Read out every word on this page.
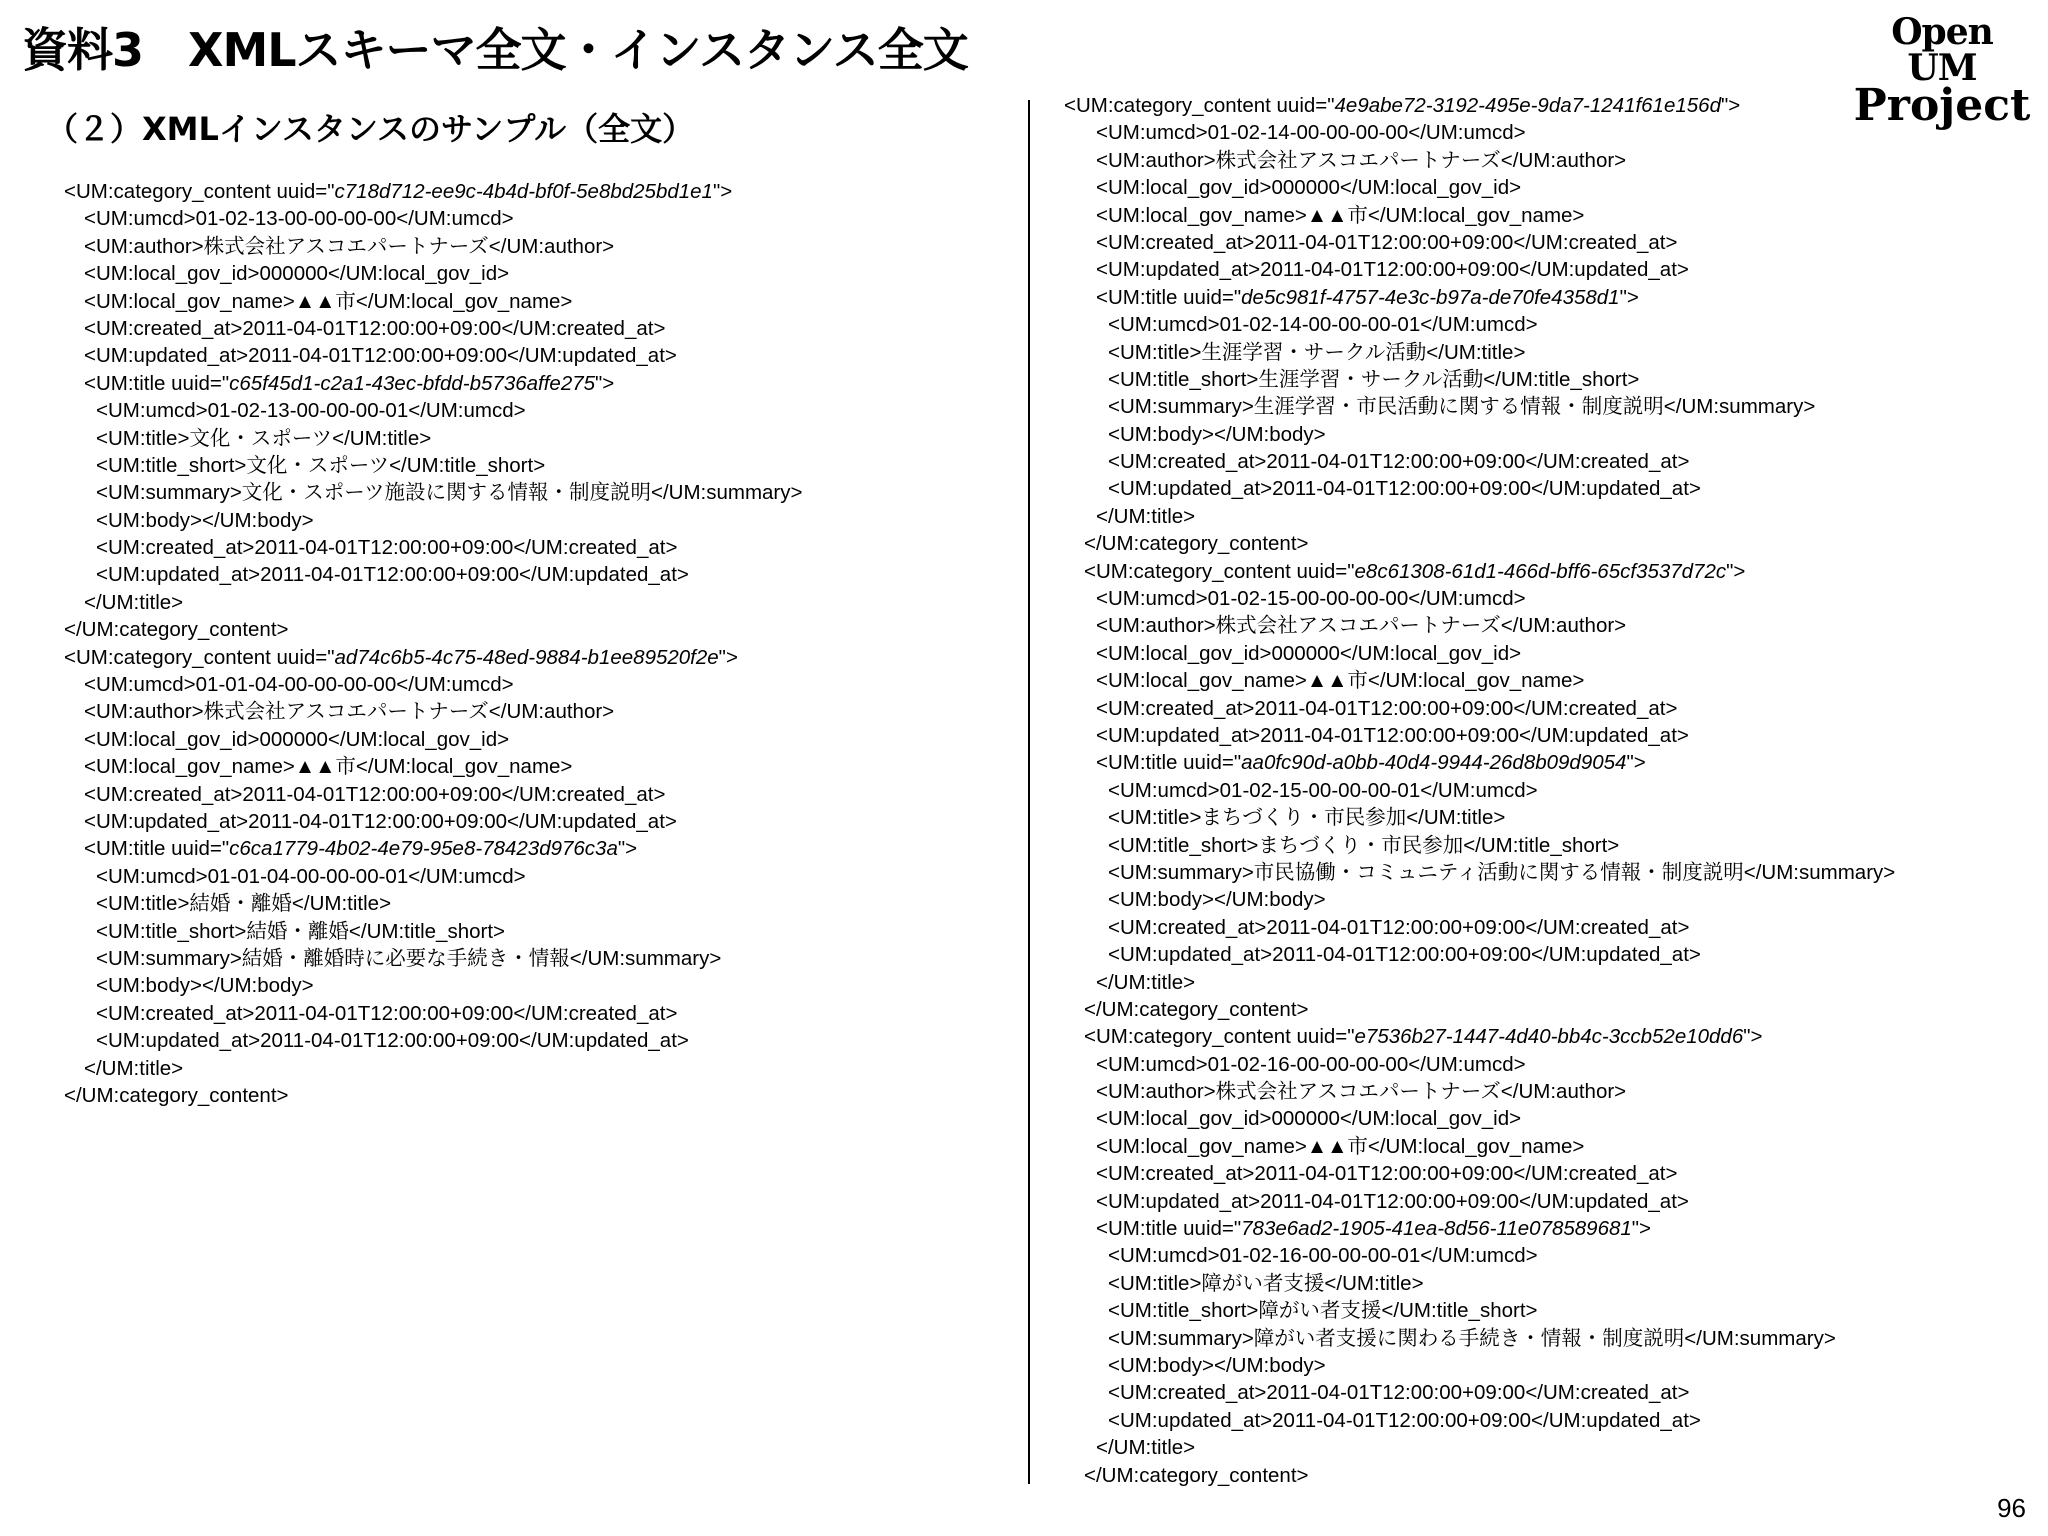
資料3　XMLスキーマ全文・インスタンス全文	Open UM
Project
（２）XMLインスタンスのサンプル（全文）
<UM:category_content uuid="c718d712-ee9c-4b4d-bf0f-5e8bd25bd1e1">
<UM:umcd>01-02-13-00-00-00-00</UM:umcd>
<UM:author>株式会社アスコエパートナーズ</UM:author>
<UM:local_gov_id>000000</UM:local_gov_id>
<UM:local_gov_name>▲▲市</UM:local_gov_name>
<UM:created_at>2011-04-01T12:00:00+09:00</UM:created_at>
<UM:updated_at>2011-04-01T12:00:00+09:00</UM:updated_at>
<UM:title uuid="c65f45d1-c2a1-43ec-bfdd-b5736affe275">
<UM:umcd>01-02-13-00-00-00-01</UM:umcd>
<UM:title>文化・スポーツ</UM:title>
<UM:title_short>文化・スポーツ</UM:title_short>
<UM:summary>文化・スポーツ施設に関する情報・制度説明</UM:summary>
<UM:body></UM:body>
<UM:created_at>2011-04-01T12:00:00+09:00</UM:created_at>
<UM:updated_at>2011-04-01T12:00:00+09:00</UM:updated_at>
</UM:title>
</UM:category_content>
<UM:category_content uuid="ad74c6b5-4c75-48ed-9884-b1ee89520f2e">
<UM:umcd>01-01-04-00-00-00-00</UM:umcd>
<UM:author>株式会社アスコエパートナーズ</UM:author>
<UM:local_gov_id>000000</UM:local_gov_id>
<UM:local_gov_name>▲▲市</UM:local_gov_name>
<UM:created_at>2011-04-01T12:00:00+09:00</UM:created_at>
<UM:updated_at>2011-04-01T12:00:00+09:00</UM:updated_at>
<UM:title uuid="c6ca1779-4b02-4e79-95e8-78423d976c3a">
<UM:umcd>01-01-04-00-00-00-01</UM:umcd>
<UM:title>結婚・離婚</UM:title>
<UM:title_short>結婚・離婚</UM:title_short>
<UM:summary>結婚・離婚時に必要な手続き・情報</UM:summary>
<UM:body></UM:body>
<UM:created_at>2011-04-01T12:00:00+09:00</UM:created_at>
<UM:updated_at>2011-04-01T12:00:00+09:00</UM:updated_at>
</UM:title>
</UM:category_content>
<UM:category_content uuid="4e9abe72-3192-495e-9da7-1241f61e156d">
<UM:umcd>01-02-14-00-00-00-00</UM:umcd>
<UM:author>株式会社アスコエパートナーズ</UM:author>
<UM:local_gov_id>000000</UM:local_gov_id>
<UM:local_gov_name>▲▲市</UM:local_gov_name>
<UM:created_at>2011-04-01T12:00:00+09:00</UM:created_at>
<UM:updated_at>2011-04-01T12:00:00+09:00</UM:updated_at>
<UM:title uuid="de5c981f-4757-4e3c-b97a-de70fe4358d1">
<UM:umcd>01-02-14-00-00-00-01</UM:umcd>
<UM:title>生涯学習・サークル活動</UM:title>
<UM:title_short>生涯学習・サークル活動</UM:title_short>
<UM:summary>生涯学習・市民活動に関する情報・制度説明</UM:summary>
<UM:body></UM:body>
<UM:created_at>2011-04-01T12:00:00+09:00</UM:created_at>
<UM:updated_at>2011-04-01T12:00:00+09:00</UM:updated_at>
</UM:title>
</UM:category_content>
<UM:category_content uuid="e8c61308-61d1-466d-bff6-65cf3537d72c">
<UM:umcd>01-02-15-00-00-00-00</UM:umcd>
<UM:author>株式会社アスコエパートナーズ</UM:author>
<UM:local_gov_id>000000</UM:local_gov_id>
<UM:local_gov_name>▲▲市</UM:local_gov_name>
<UM:created_at>2011-04-01T12:00:00+09:00</UM:created_at>
<UM:updated_at>2011-04-01T12:00:00+09:00</UM:updated_at>
<UM:title uuid="aa0fc90d-a0bb-40d4-9944-26d8b09d9054">
<UM:umcd>01-02-15-00-00-00-01</UM:umcd>
<UM:title>まちづくり・市民参加</UM:title>
<UM:title_short>まちづくり・市民参加</UM:title_short>
<UM:summary>市民協働・コミュニティ活動に関する情報・制度説明</UM:summary>
<UM:body></UM:body>
<UM:created_at>2011-04-01T12:00:00+09:00</UM:created_at>
<UM:updated_at>2011-04-01T12:00:00+09:00</UM:updated_at>
</UM:title>
</UM:category_content>
<UM:category_content uuid="e7536b27-1447-4d40-bb4c-3ccb52e10dd6">
<UM:umcd>01-02-16-00-00-00-00</UM:umcd>
<UM:author>株式会社アスコエパートナーズ</UM:author>
<UM:local_gov_id>000000</UM:local_gov_id>
<UM:local_gov_name>▲▲市</UM:local_gov_name>
<UM:created_at>2011-04-01T12:00:00+09:00</UM:created_at>
<UM:updated_at>2011-04-01T12:00:00+09:00</UM:updated_at>
<UM:title uuid="783e6ad2-1905-41ea-8d56-11e078589681">
<UM:umcd>01-02-16-00-00-00-01</UM:umcd>
<UM:title>障がい者支援</UM:title>
<UM:title_short>障がい者支援</UM:title_short>
<UM:summary>障がい者支援に関わる手続き・情報・制度説明</UM:summary>
<UM:body></UM:body>
<UM:created_at>2011-04-01T12:00:00+09:00</UM:created_at>
<UM:updated_at>2011-04-01T12:00:00+09:00</UM:updated_at>
</UM:title>
</UM:category_content>
96
